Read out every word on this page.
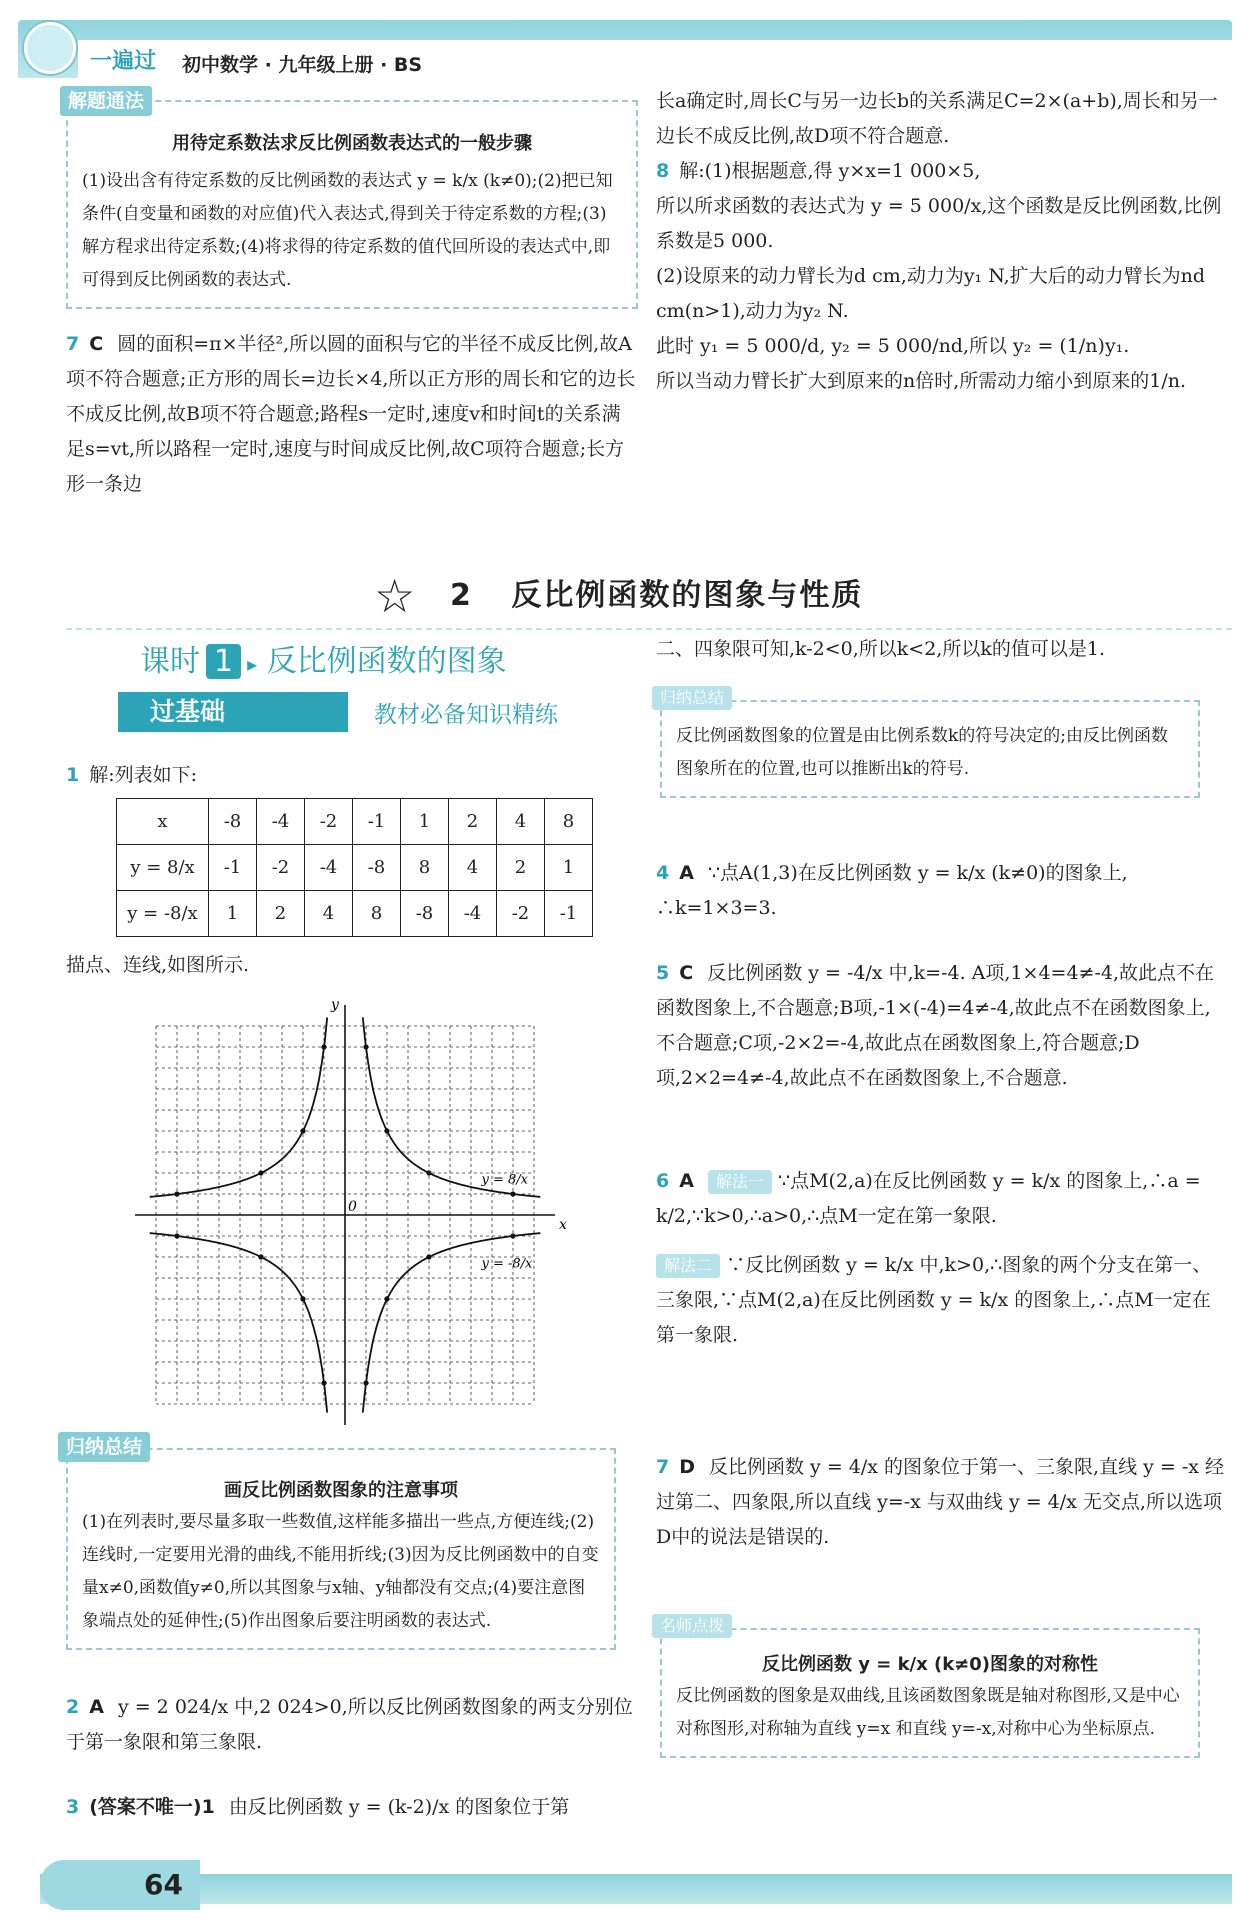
一遍过 初中数学 · 九年级上册 · BS
解题通法
用待定系数法求反比例函数表达式的一般步骤
(1)设出含有待定系数的反比例函数的表达式 y = k/x (k≠0);(2)把已知条件(自变量和函数的对应值)代入表达式,得到关于待定系数的方程;(3)解方程求出待定系数;(4)将求得的待定系数的值代回所设的表达式中,即可得到反比例函数的表达式.
7 C 圆的面积=π×半径²,所以圆的面积与它的半径不成反比例,故A项不符合题意;正方形的周长=边长×4,所以正方形的周长和它的边长不成反比例,故B项不符合题意;路程s一定时,速度v和时间t的关系满足s=vt,所以路程一定时,速度与时间成反比例,故C项符合题意;长方形一条边
长a确定时,周长C与另一边长b的关系满足C=2×(a+b),周长和另一边长不成反比例,故D项不符合题意.
8 解:(1)根据题意,得 y×x=1 000×5,
所以所求函数的表达式为 y = 5 000/x,这个函数是反比例函数,比例系数是5 000.
(2)设原来的动力臂长为d cm,动力为y₁ N,扩大后的动力臂长为nd cm(n>1),动力为y₂ N.
此时 y₁ = 5 000/d, y₂ = 5 000/nd,所以 y₂ = (1/n)y₁.
所以当动力臂长扩大到原来的n倍时,所需动力缩小到原来的1/n.
☆	2 反比例函数的图象与性质
课时 1 ▸ 反比例函数的图象
过基础	教材必备知识精练
1 解:列表如下:
x	-8	-4	-2	-1	1	2	4	8
y = 8/x	-1	-2	-4	-8	8	4	2	1
y = -8/x	1	2	4	8	-8	-4	-2	-1
描点、连线,如图所示.
x
y
0
y = 8/x
y = -8/x
归纳总结
画反比例函数图象的注意事项
(1)在列表时,要尽量多取一些数值,这样能多描出一些点,方便连线;(2)连线时,一定要用光滑的曲线,不能用折线;(3)因为反比例函数中的自变量x≠0,函数值y≠0,所以其图象与x轴、y轴都没有交点;(4)要注意图象端点处的延伸性;(5)作出图象后要注明函数的表达式.
2 A y = 2 024/x 中,2 024>0,所以反比例函数图象的两支分别位于第一象限和第三象限.
3 (答案不唯一)1 由反比例函数 y = (k-2)/x 的图象位于第
二、四象限可知,k-2<0,所以k<2,所以k的值可以是1.
归纳总结
反比例函数图象的位置是由比例系数k的符号决定的;由反比例函数图象所在的位置,也可以推断出k的符号.
4 A ∵点A(1,3)在反比例函数 y = k/x (k≠0)的图象上, ∴k=1×3=3.
5 C 反比例函数 y = -4/x 中,k=-4. A项,1×4=4≠-4,故此点不在函数图象上,不合题意;B项,-1×(-4)=4≠-4,故此点不在函数图象上,不合题意;C项,-2×2=-4,故此点在函数图象上,符合题意;D项,2×2=4≠-4,故此点不在函数图象上,不合题意.
6 A 解法一 ∵点M(2,a)在反比例函数 y = k/x 的图象上,∴a = k/2,∵k>0,∴a>0,∴点M一定在第一象限.
解法二 ∵反比例函数 y = k/x 中,k>0,∴图象的两个分支在第一、三象限,∵点M(2,a)在反比例函数 y = k/x 的图象上,∴点M一定在第一象限.
7 D 反比例函数 y = 4/x 的图象位于第一、三象限,直线 y = -x 经过第二、四象限,所以直线 y=-x 与双曲线 y = 4/x 无交点,所以选项D中的说法是错误的.
名师点拨
反比例函数 y = k/x (k≠0)图象的对称性
反比例函数的图象是双曲线,且该函数图象既是轴对称图形,又是中心对称图形,对称轴为直线 y=x 和直线 y=-x,对称中心为坐标原点.
64
